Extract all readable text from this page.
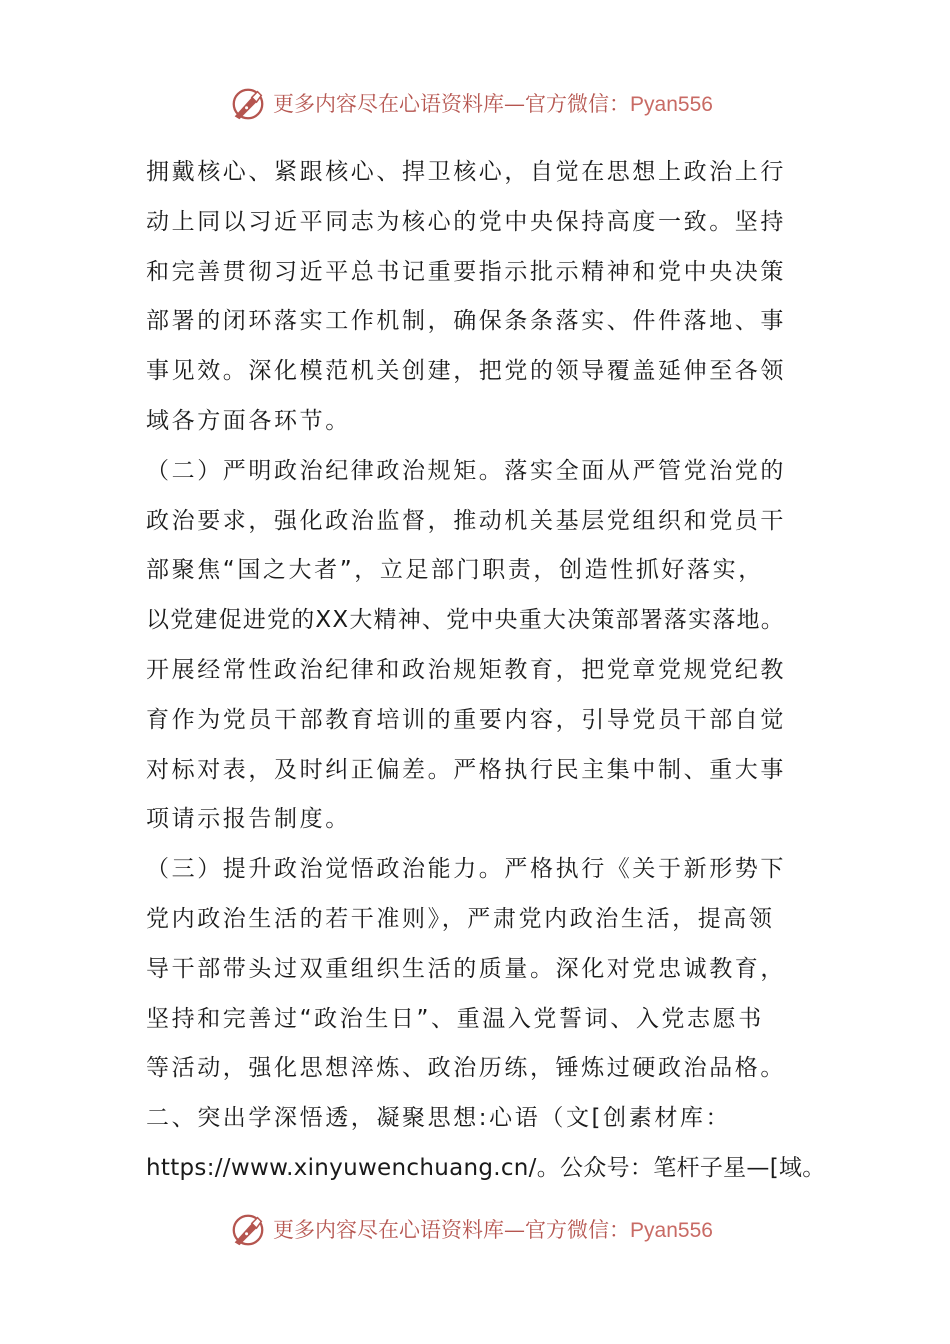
更多内容尽在心语资料库—官方微信：Pyan556
拥戴核心、紧跟核心、捍卫核心，自觉在思想上政治上行
动上同以习近平同志为核心的党中央保持高度一致。坚持
和完善贯彻习近平总书记重要指示批示精神和党中央决策
部署的闭环落实工作机制，确保条条落实、件件落地、事
事见效。深化模范机关创建，把党的领导覆盖延伸至各领
域各方面各环节。
（二）严明政治纪律政治规矩。落实全面从严管党治党的
政治要求，强化政治监督，推动机关基层党组织和党员干
部聚焦“国之大者”，立足部门职责，创造性抓好落实，
以党建促进党的XX大精神、党中央重大决策部署落实落地。
开展经常性政治纪律和政治规矩教育，把党章党规党纪教
育作为党员干部教育培训的重要内容，引导党员干部自觉
对标对表，及时纠正偏差。严格执行民主集中制、重大事
项请示报告制度。
（三）提升政治觉悟政治能力。严格执行《关于新形势下
党内政治生活的若干准则》，严肃党内政治生活，提高领
导干部带头过双重组织生活的质量。深化对党忠诚教育，
坚持和完善过“政治生日”、重温入党誓词、入党志愿书
等活动，强化思想淬炼、政治历练，锤炼过硬政治品格。
二、突出学深悟透，凝聚思想:心语（文[创素材库：
https://www.xinyuwenchuang.cn/。公众号：笔杆子星—[域。
更多内容尽在心语资料库—官方微信：Pyan556
